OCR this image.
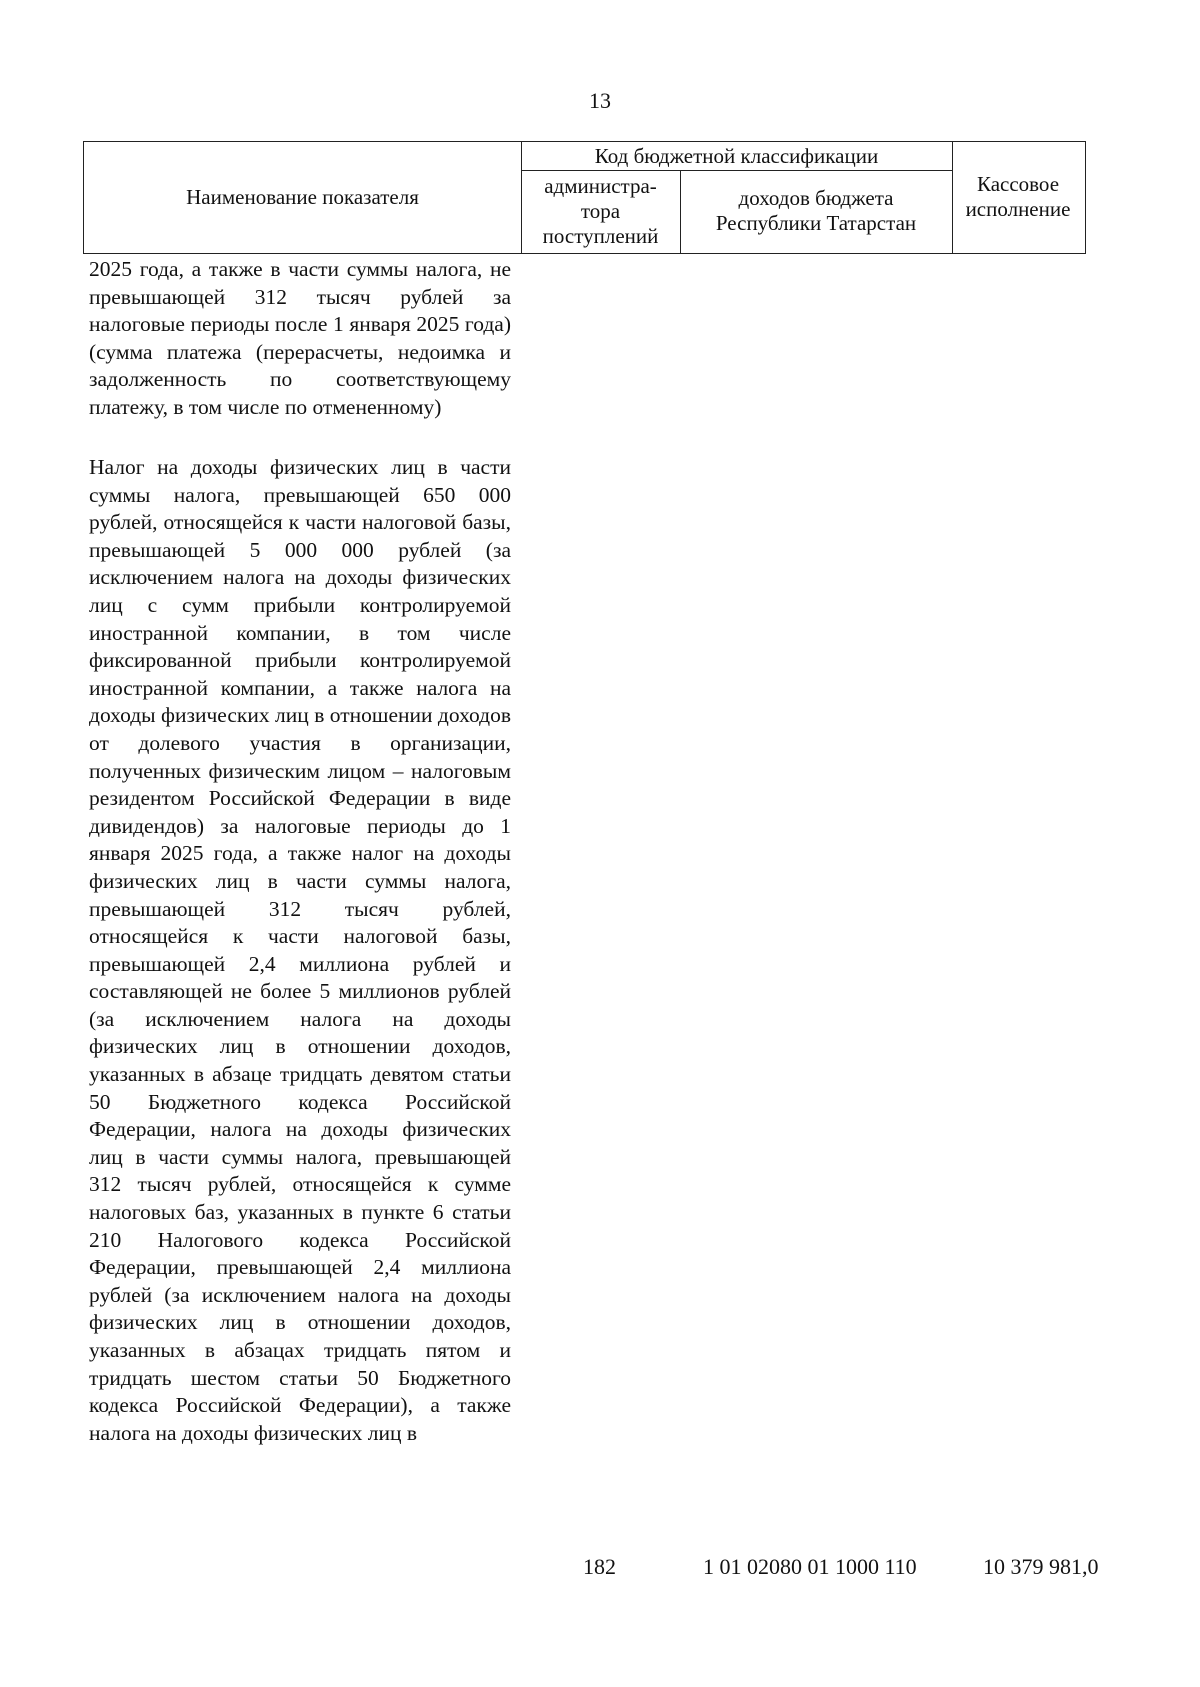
13
Наименование показателя
Код бюджетной классификации
администра-
тора
поступлений
доходов бюджета
Республики Татарстан
Кассовое
исполнение
2025 года, а также в части суммы налога, не превышающей 312 тысяч рублей за налоговые периоды после 1 января 2025 года) (сумма платежа (перерасчеты, недоимка и задолженность по соответствующему платежу, в том числе по отмененному)
Налог на доходы физических лиц в части суммы налога, превышающей 650 000 рублей, относящейся к части налоговой базы, превышающей 5 000 000 рублей (за исключением налога на доходы физических лиц с сумм прибыли контролируемой иностранной компании, в том числе фиксированной прибыли контролируемой иностранной компании, а также налога на доходы физических лиц в отношении доходов от долевого участия в организации, полученных физическим лицом – налоговым резидентом Российской Федерации в виде дивидендов) за налоговые периоды до 1 января 2025 года, а также налог на доходы физических лиц в части суммы налога, превышающей 312 тысяч рублей, относящейся к части налоговой базы, превышающей 2,4 миллиона рублей и составляющей не более 5 миллионов рублей (за исключением налога на доходы физических лиц в отношении доходов, указанных в абзаце тридцать девятом статьи 50 Бюджетного кодекса Российской Федерации, налога на доходы физических лиц в части суммы налога, превышающей 312 тысяч рублей, относящейся к сумме налоговых баз, указанных в пункте 6 статьи 210 Налогового кодекса Российской Федерации, превышающей 2,4 миллиона рублей (за исключением налога на доходы физических лиц в отношении доходов, указанных в абзацах тридцать пятом и тридцать шестом статьи 50 Бюджетного кодекса Российской Федерации), а также налога на доходы физических лиц в
182	1 01 02080 01 1000 110	10 379 981,0
